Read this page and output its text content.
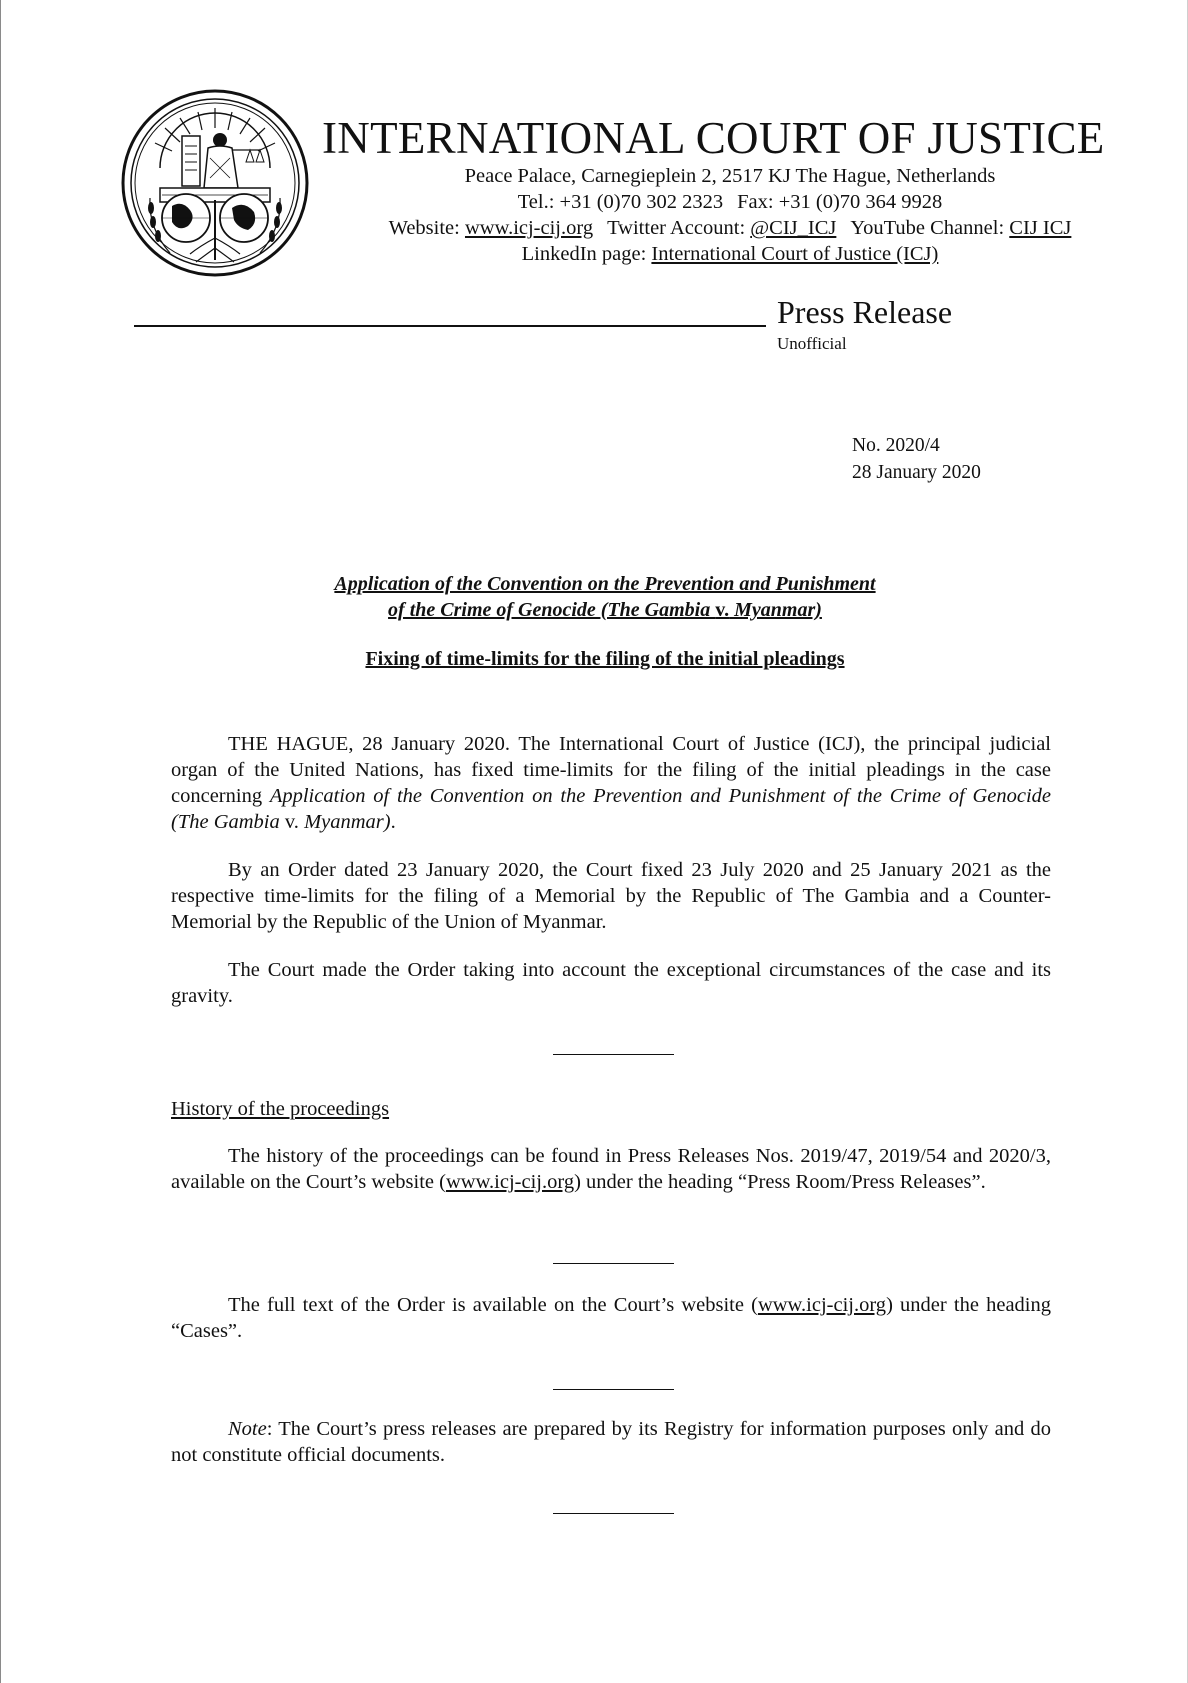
INTERNATIONAL COURT OF JUSTICE
Peace Palace, Carnegieplein 2, 2517 KJ The Hague, Netherlands
Tel.: +31 (0)70 302 2323 Fax: +31 (0)70 364 9928
Website: www.icj-cij.org Twitter Account: @CIJ_ICJ YouTube Channel: CIJ ICJ
LinkedIn page: International Court of Justice (ICJ)
Press Release
Unofficial
No. 2020/4
28 January 2020
Application of the Convention on the Prevention and Punishment
of the Crime of Genocide (The Gambia v. Myanmar)
Fixing of time-limits for the filing of the initial pleadings

THE HAGUE, 28 January 2020. The International Court of Justice (ICJ), the principal judicial organ of the United Nations, has fixed time-limits for the filing of the initial pleadings in the case concerning Application of the Convention on the Prevention and Punishment of the Crime of Genocide (The Gambia v. Myanmar).

By an Order dated 23 January 2020, the Court fixed 23 July 2020 and 25 January 2021 as the respective time-limits for the filing of a Memorial by the Republic of The Gambia and a Counter-Memorial by the Republic of the Union of Myanmar.

The Court made the Order taking into account the exceptional circumstances of the case and its gravity.

History of the proceedings

The history of the proceedings can be found in Press Releases Nos. 2019/47, 2019/54 and 2020/3, available on the Court’s website (www.icj-cij.org) under the heading “Press Room/Press Releases”.

The full text of the Order is available on the Court’s website (www.icj-cij.org) under the heading “Cases”.

Note: The Court’s press releases are prepared by its Registry for information purposes only and do not constitute official documents.
